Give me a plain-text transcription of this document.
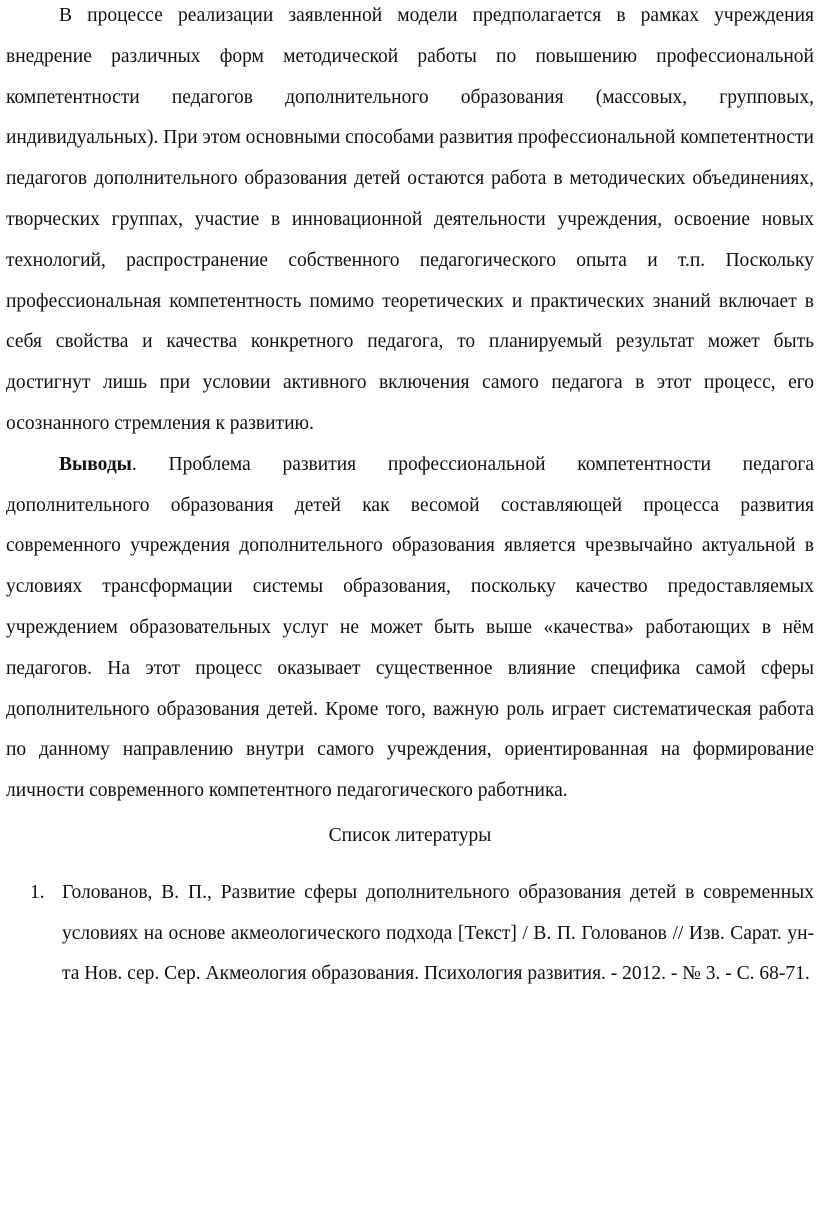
В процессе реализации заявленной модели предполагается в рамках учреждения внедрение различных форм методической работы по повышению профессиональной компетентности педагогов дополнительного образования (массовых, групповых, индивидуальных). При этом основными способами развития профессиональной компетентности педагогов дополнительного образования детей остаются работа в методических объединениях, творческих группах, участие в инновационной деятельности учреждения, освоение новых технологий, распространение собственного педагогического опыта и т.п. Поскольку профессиональная компетентность помимо теоретических и практических знаний включает в себя свойства и качества конкретного педагога, то планируемый результат может быть достигнут лишь при условии активного включения самого педагога в этот процесс, его осознанного стремления к развитию.

Выводы. Проблема развития профессиональной компетентности педагога дополнительного образования детей как весомой составляющей процесса развития современного учреждения дополнительного образования является чрезвычайно актуальной в условиях трансформации системы образования, поскольку качество предоставляемых учреждением образовательных услуг не может быть выше «качества» работающих в нём педагогов. На этот процесс оказывает существенное влияние специфика самой сферы дополнительного образования детей. Кроме того, важную роль играет систематическая работа по данному направлению внутри самого учреждения, ориентированная на формирование личности современного компетентного педагогического работника.

Список литературы

1. Голованов, В. П., Развитие сферы дополнительного образования детей в современных условиях на основе акмеологического подхода [Текст] / В. П. Голованов // Изв. Сарат. ун-та Нов. сер. Сер. Акмеология образования. Психология развития. - 2012. - № 3. - С. 68-71.
